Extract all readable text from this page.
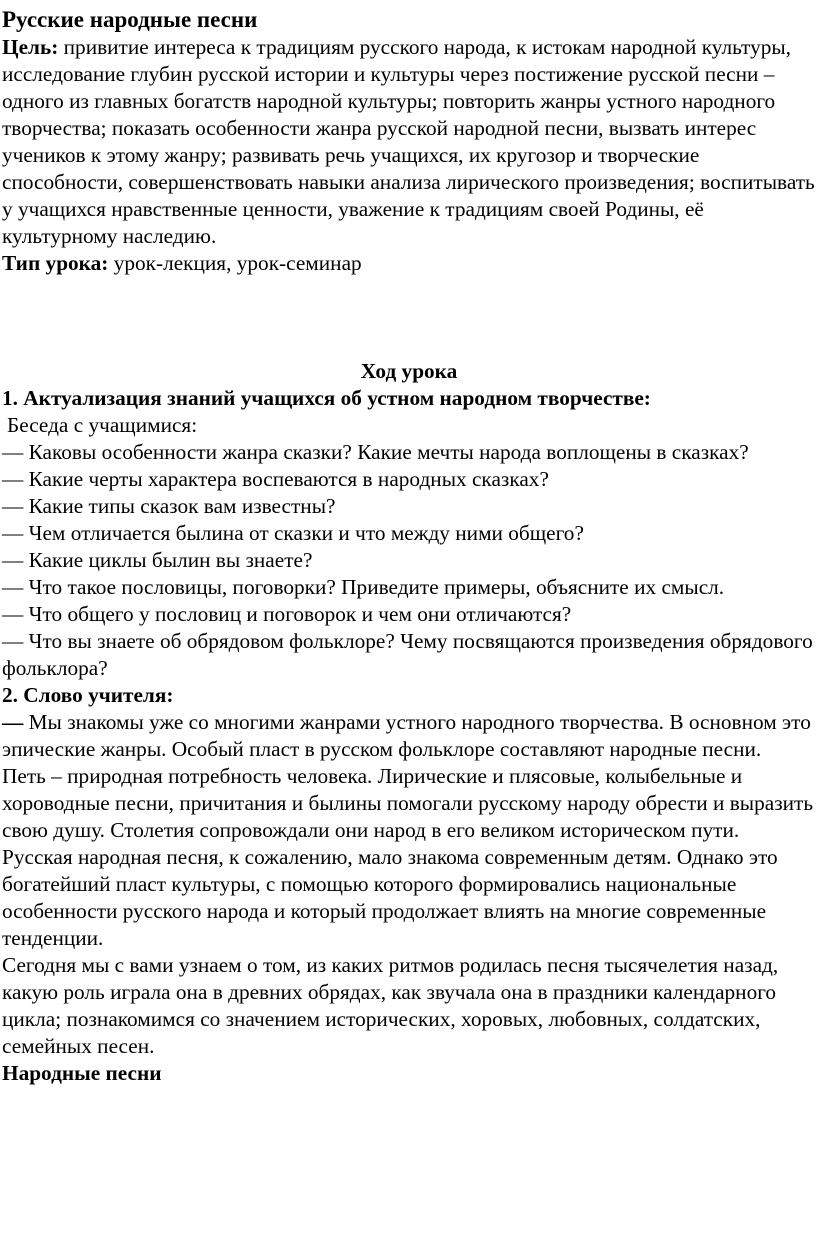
Русские народные песни

Цель: привитие интереса к традициям русского народа, к истокам народной культуры, исследование глубин русской истории и культуры через постижение русской песни – одного из главных богатств народной культуры; повторить жанры устного народного творчества; показать особенности жанра русской народной песни, вызвать интерес учеников к этому жанру; развивать речь учащихся, их кругозор и творческие способности, совершенствовать навыки анализа лирического произведения; воспитывать у учащихся нравственные ценности, уважение к традициям своей Родины, её культурному наследию.

Тип урока: урок-лекция, урок-семинар

Ход урока

1. Актуализация знаний учащихся об устном народном творчестве:

Беседа с учащимися:

— Каковы особенности жанра сказки? Какие мечты народа воплощены в сказках?

— Какие черты характера воспеваются в народных сказках?

— Какие типы сказок вам известны?

— Чем отличается былина от сказки и что между ними общего?

— Какие циклы былин вы знаете?

— Что такое пословицы, поговорки? Приведите примеры, объясните их смысл.

— Что общего у пословиц и поговорок и чем они отличаются?

— Что вы знаете об обрядовом фольклоре? Чему посвящаются произведения обрядового фольклора?

2. Слово учителя:

— Мы знакомы уже со многими жанрами устного народного творчества. В основном это эпические жанры. Особый пласт в русском фольклоре составляют народные песни.

Петь – природная потребность человека. Лирические и плясовые, колыбельные и хороводные песни, причитания и былины помогали русскому народу обрести и выразить свою душу. Столетия сопровождали они народ в его великом историческом пути.

Русская народная песня, к сожалению, мало знакома современным детям. Однако это богатейший пласт культуры, с помощью которого формировались национальные особенности русского народа и который продолжает влиять на многие современные тенденции.

Сегодня мы с вами узнаем о том, из каких ритмов родилась песня тысячелетия назад, какую роль играла она в древних обрядах, как звучала она в праздники календарного цикла; познакомимся со значением исторических, хоровых, любовных, солдатских, семейных песен.

Народные песни
